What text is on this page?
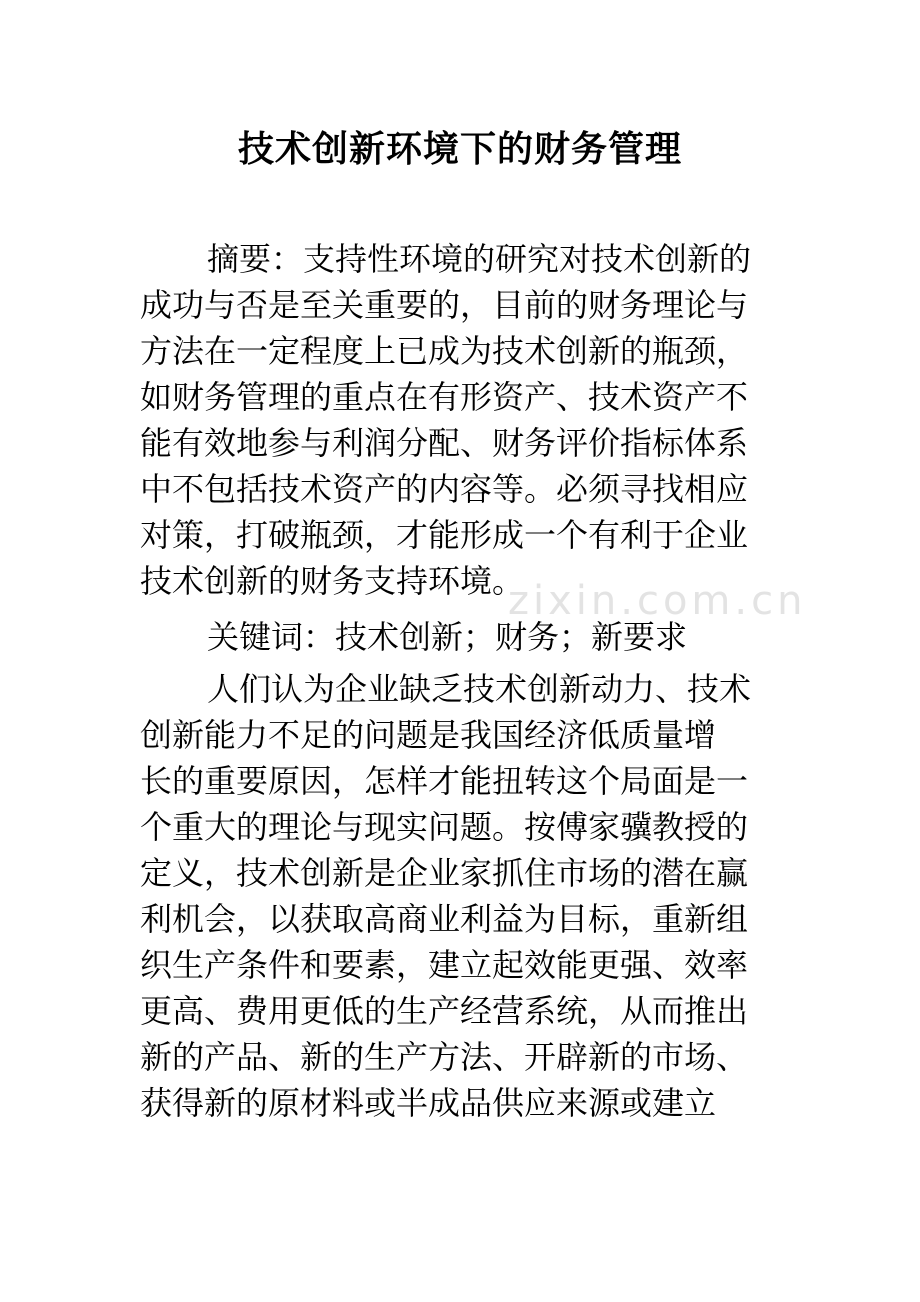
zixin.com.cn
技术创新环境下的财务管理
摘要：支持性环境的研究对技术创新的
成功与否是至关重要的，目前的财务理论与
方法在一定程度上已成为技术创新的瓶颈，
如财务管理的重点在有形资产、技术资产不
能有效地参与利润分配、财务评价指标体系
中不包括技术资产的内容等。必须寻找相应
对策，打破瓶颈，才能形成一个有利于企业
技术创新的财务支持环境。
关键词：技术创新；财务；新要求
人们认为企业缺乏技术创新动力、技术
创新能力不足的问题是我国经济低质量增
长的重要原因，怎样才能扭转这个局面是一
个重大的理论与现实问题。按傅家骥教授的
定义，技术创新是企业家抓住市场的潜在赢
利机会，以获取高商业利益为目标，重新组
织生产条件和要素，建立起效能更强、效率
更高、费用更低的生产经营系统，从而推出
新的产品、新的生产方法、开辟新的市场、
获得新的原材料或半成品供应来源或建立
